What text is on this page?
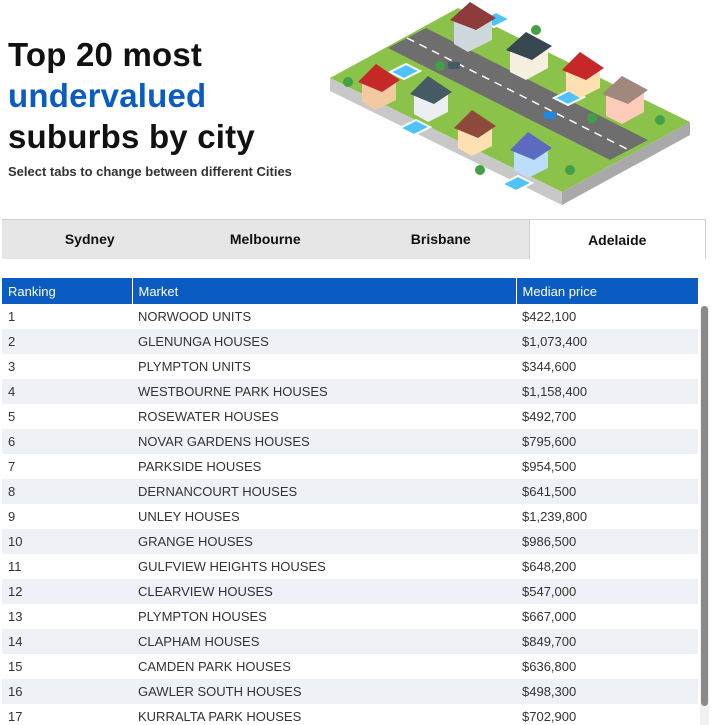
Top 20 most
undervalued
suburbs by city
Select tabs to change between different Cities
Sydney	Melbourne	Brisbane	Adelaide
Ranking	Market	Median price
1	NORWOOD UNITS	$422,100
2	GLENUNGA HOUSES	$1,073,400
3	PLYMPTON UNITS	$344,600
4	WESTBOURNE PARK HOUSES	$1,158,400
5	ROSEWATER HOUSES	$492,700
6	NOVAR GARDENS HOUSES	$795,600
7	PARKSIDE HOUSES	$954,500
8	DERNANCOURT HOUSES	$641,500
9	UNLEY HOUSES	$1,239,800
10	GRANGE HOUSES	$986,500
11	GULFVIEW HEIGHTS HOUSES	$648,200
12	CLEARVIEW HOUSES	$547,000
13	PLYMPTON HOUSES	$667,000
14	CLAPHAM HOUSES	$849,700
15	CAMDEN PARK HOUSES	$636,800
16	GAWLER SOUTH HOUSES	$498,300
17	KURRALTA PARK HOUSES	$702,900
